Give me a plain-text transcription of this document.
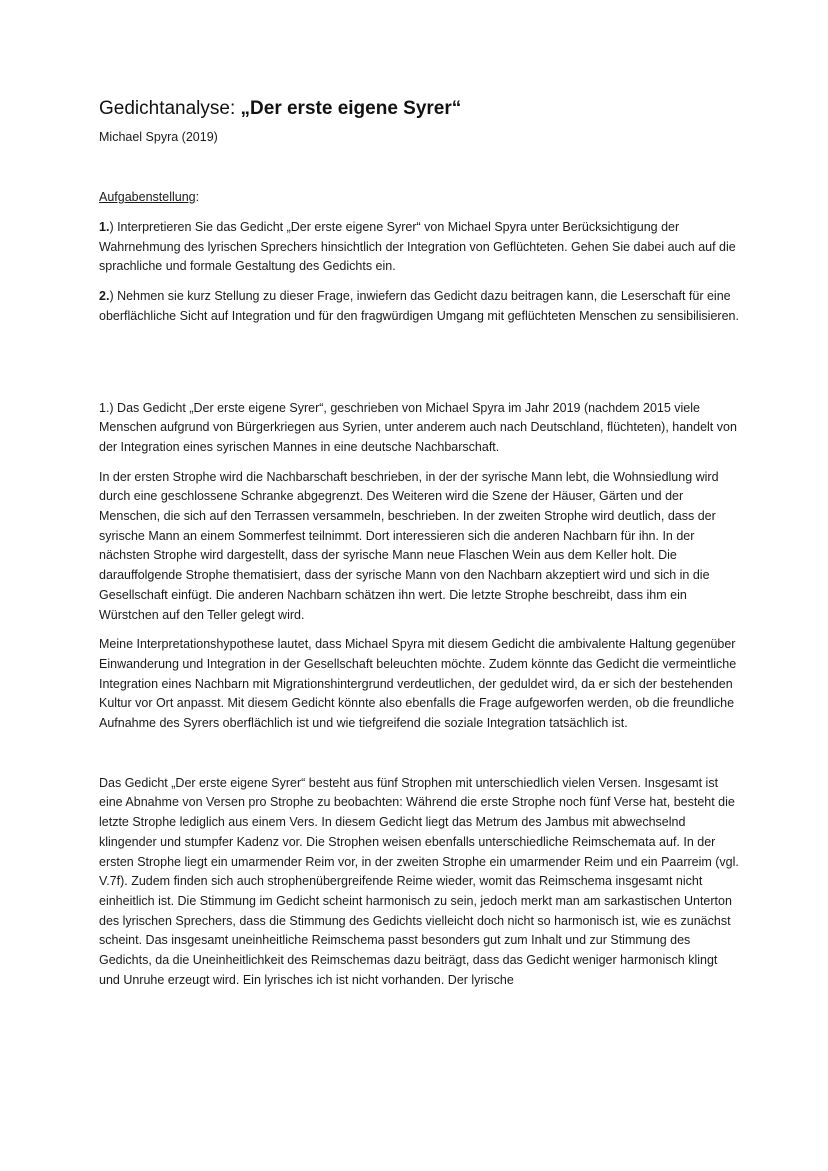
Gedichtanalyse: „Der erste eigene Syrer“
Michael Spyra (2019)
Aufgabenstellung:

1.) Interpretieren Sie das Gedicht „Der erste eigene Syrer“ von Michael Spyra unter Berücksichtigung der Wahrnehmung des lyrischen Sprechers hinsichtlich der Integration von Geflüchteten. Gehen Sie dabei auch auf die sprachliche und formale Gestaltung des Gedichts ein.

2.) Nehmen sie kurz Stellung zu dieser Frage, inwiefern das Gedicht dazu beitragen kann, die Leserschaft für eine oberflächliche Sicht auf Integration und für den fragwürdigen Umgang mit geflüchteten Menschen zu sensibilisieren.

1.) Das Gedicht „Der erste eigene Syrer“, geschrieben von Michael Spyra im Jahr 2019 (nachdem 2015 viele Menschen aufgrund von Bürgerkriegen aus Syrien, unter anderem auch nach Deutschland, flüchteten), handelt von der Integration eines syrischen Mannes in eine deutsche Nachbarschaft.

In der ersten Strophe wird die Nachbarschaft beschrieben, in der der syrische Mann lebt, die Wohnsiedlung wird durch eine geschlossene Schranke abgegrenzt. Des Weiteren wird die Szene der Häuser, Gärten und der Menschen, die sich auf den Terrassen versammeln, beschrieben. In der zweiten Strophe wird deutlich, dass der syrische Mann an einem Sommerfest teilnimmt. Dort interessieren sich die anderen Nachbarn für ihn. In der nächsten Strophe wird dargestellt, dass der syrische Mann neue Flaschen Wein aus dem Keller holt. Die darauffolgende Strophe thematisiert, dass der syrische Mann von den Nachbarn akzeptiert wird und sich in die Gesellschaft einfügt. Die anderen Nachbarn schätzen ihn wert. Die letzte Strophe beschreibt, dass ihm ein Würstchen auf den Teller gelegt wird.

Meine Interpretationshypothese lautet, dass Michael Spyra mit diesem Gedicht die ambivalente Haltung gegenüber Einwanderung und Integration in der Gesellschaft beleuchten möchte. Zudem könnte das Gedicht die vermeintliche Integration eines Nachbarn mit Migrationshintergrund verdeutlichen, der geduldet wird, da er sich der bestehenden Kultur vor Ort anpasst. Mit diesem Gedicht könnte also ebenfalls die Frage aufgeworfen werden, ob die freundliche Aufnahme des Syrers oberflächlich ist und wie tiefgreifend die soziale Integration tatsächlich ist.

Das Gedicht „Der erste eigene Syrer“ besteht aus fünf Strophen mit unterschiedlich vielen Versen. Insgesamt ist eine Abnahme von Versen pro Strophe zu beobachten: Während die erste Strophe noch fünf Verse hat, besteht die letzte Strophe lediglich aus einem Vers. In diesem Gedicht liegt das Metrum des Jambus mit abwechselnd klingender und stumpfer Kadenz vor. Die Strophen weisen ebenfalls unterschiedliche Reimschemata auf. In der ersten Strophe liegt ein umarmender Reim vor, in der zweiten Strophe ein umarmender Reim und ein Paarreim (vgl. V.7f). Zudem finden sich auch strophenübergreifende Reime wieder, womit das Reimschema insgesamt nicht einheitlich ist. Die Stimmung im Gedicht scheint harmonisch zu sein, jedoch merkt man am sarkastischen Unterton des lyrischen Sprechers, dass die Stimmung des Gedichts vielleicht doch nicht so harmonisch ist, wie es zunächst scheint. Das insgesamt uneinheitliche Reimschema passt besonders gut zum Inhalt und zur Stimmung des Gedichts, da die Uneinheitlichkeit des Reimschemas dazu beiträgt, dass das Gedicht weniger harmonisch klingt und Unruhe erzeugt wird. Ein lyrisches ich ist nicht vorhanden. Der lyrische
